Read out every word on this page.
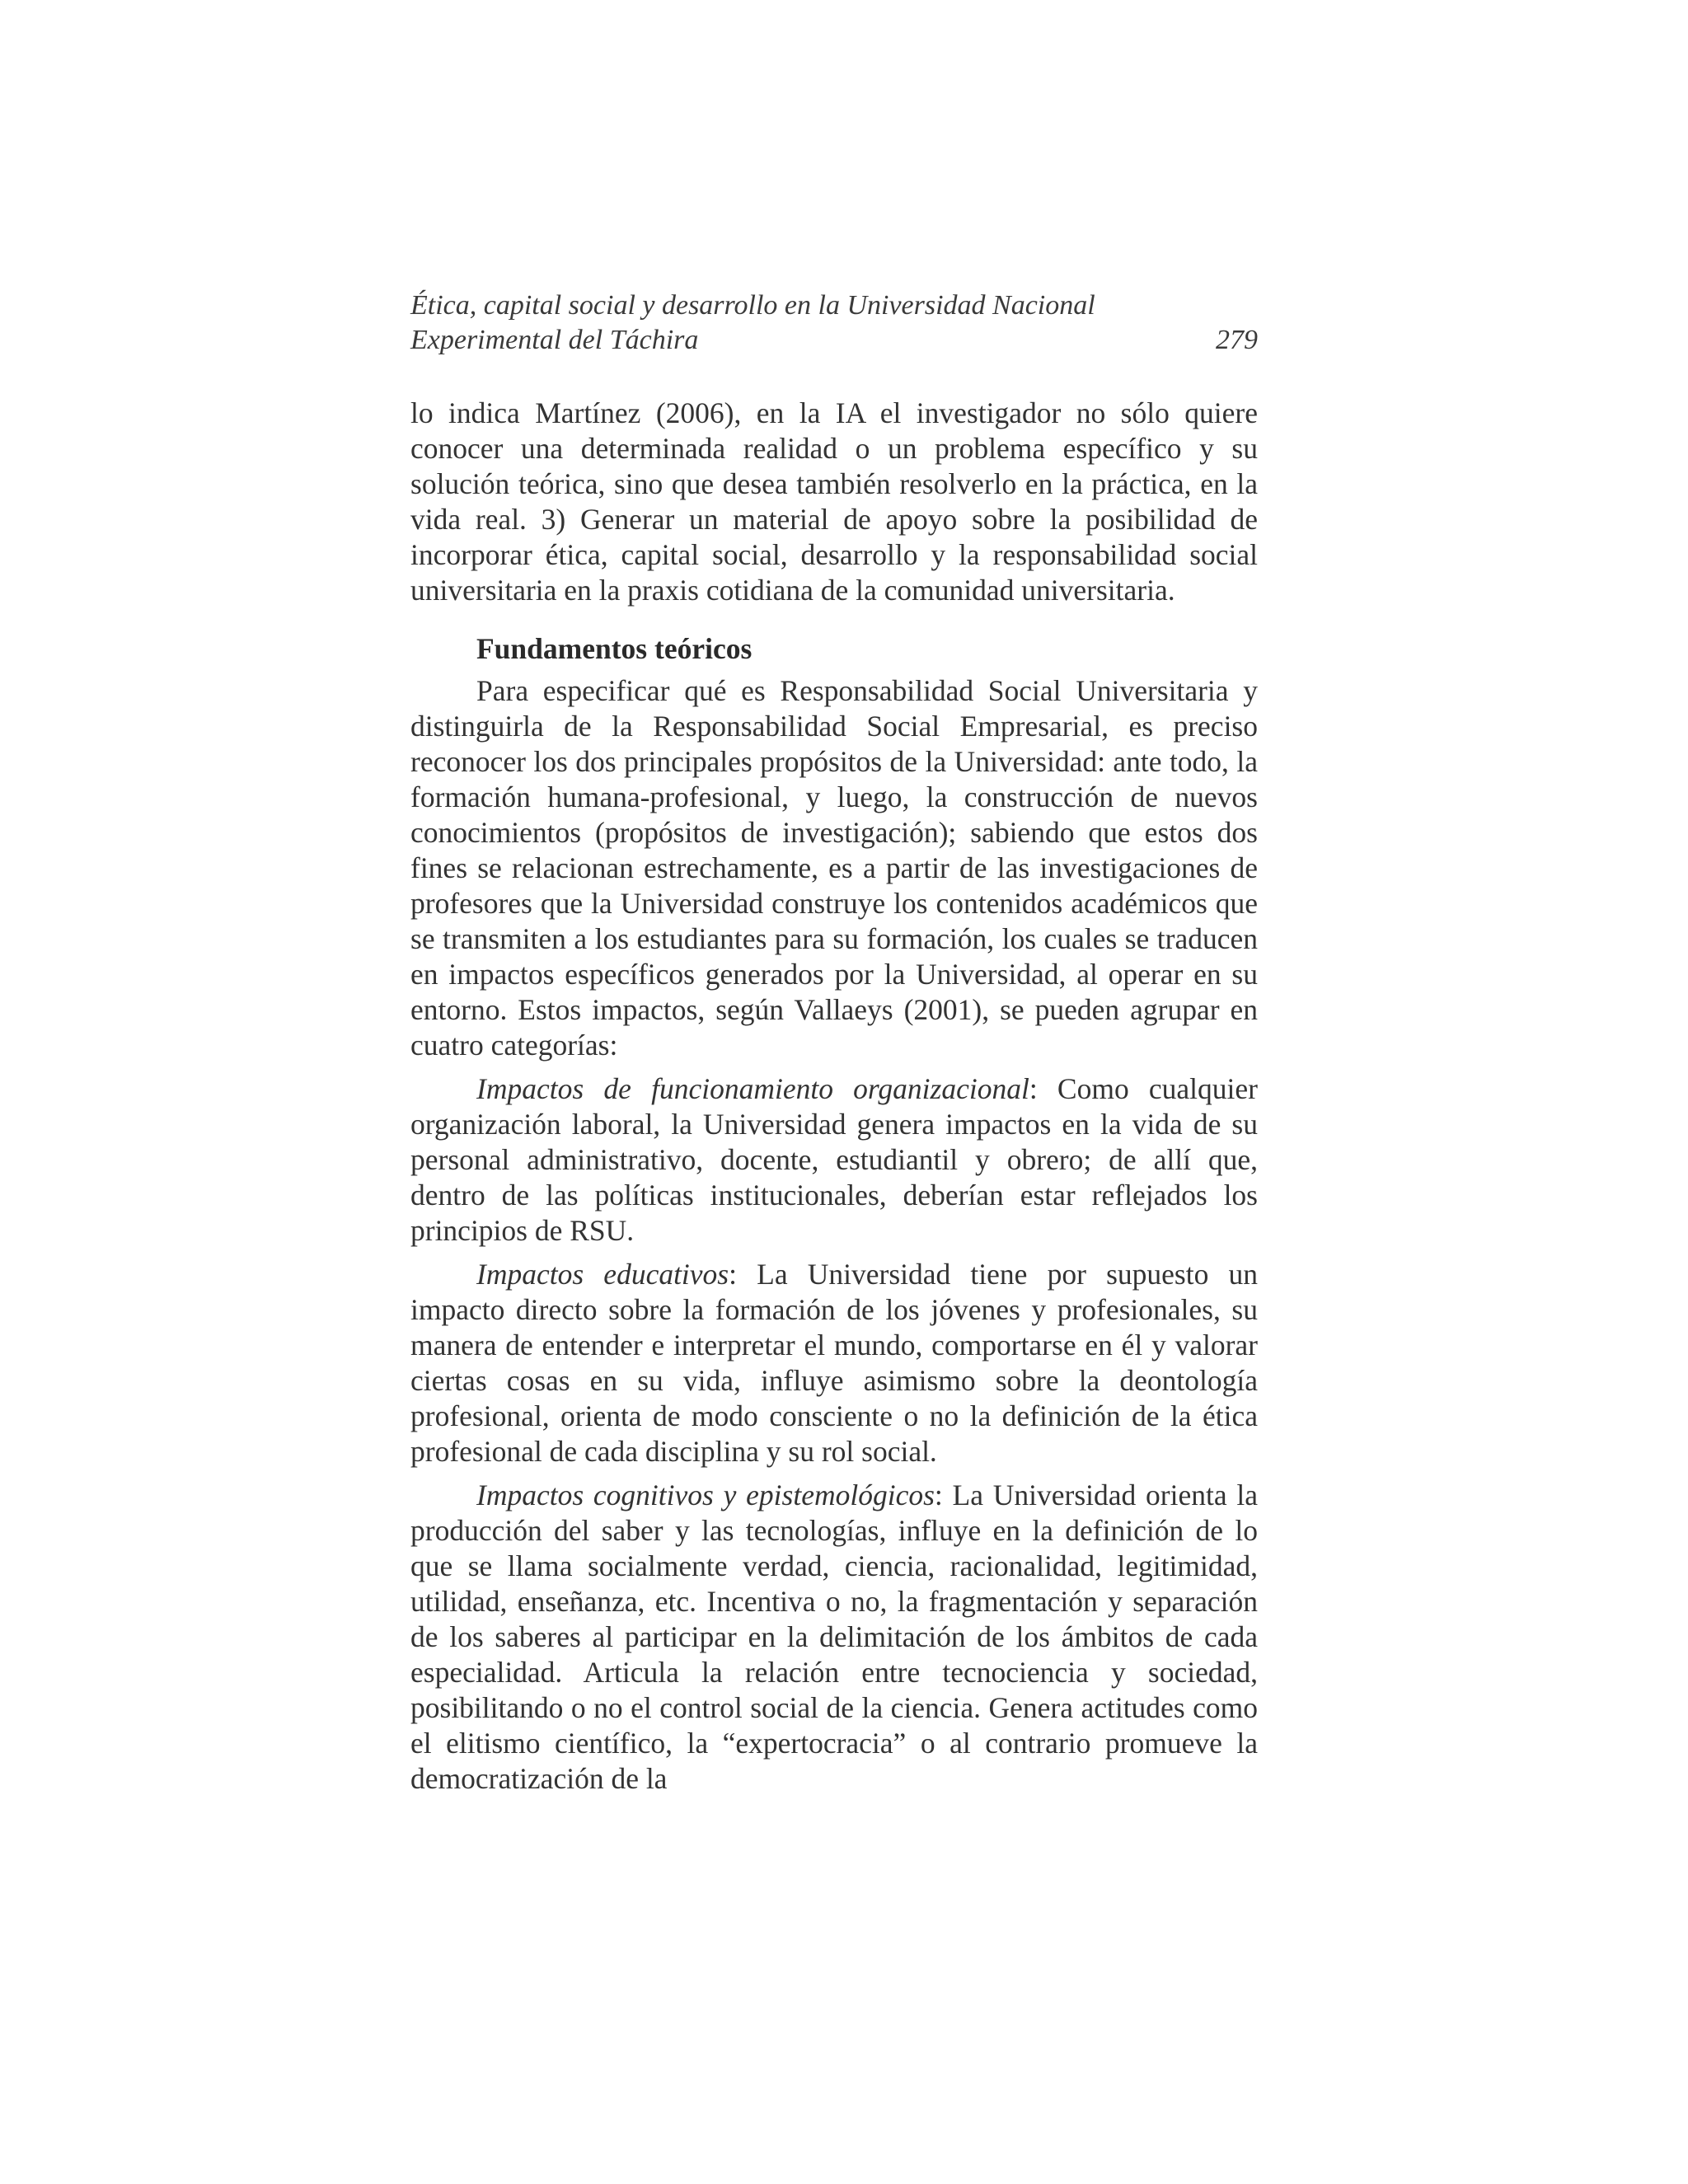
Ética, capital social y desarrollo en la Universidad Nacional
Experimental del Táchira	279

lo indica Martínez (2006), en la IA el investigador no sólo quiere conocer una determinada realidad o un problema específico y su solución teórica, sino que desea también resolverlo en la práctica, en la vida real. 3) Generar un material de apoyo sobre la posibilidad de incorporar ética, capital social, desarrollo y la responsabilidad social universitaria en la praxis cotidiana de la comunidad universitaria.

Fundamentos teóricos

Para especificar qué es Responsabilidad Social Universitaria y distinguirla de la Responsabilidad Social Empresarial, es preciso reconocer los dos principales propósitos de la Universidad: ante todo, la formación humana-profesional, y luego, la construcción de nuevos conocimientos (propósitos de investigación); sabiendo que estos dos fines se relacionan estrechamente, es a partir de las investigaciones de profesores que la Universidad construye los contenidos académicos que se transmiten a los estudiantes para su formación, los cuales se traducen en impactos específicos generados por la Universidad, al operar en su entorno. Estos impactos, según Vallaeys (2001), se pueden agrupar en cuatro categorías:

Impactos de funcionamiento organizacional: Como cualquier organización laboral, la Universidad genera impactos en la vida de su personal administrativo, docente, estudiantil y obrero; de allí que, dentro de las políticas institucionales, deberían estar reflejados los principios de RSU.

Impactos educativos: La Universidad tiene por supuesto un impacto directo sobre la formación de los jóvenes y profesionales, su manera de entender e interpretar el mundo, comportarse en él y valorar ciertas cosas en su vida, influye asimismo sobre la deontología profesional, orienta de modo consciente o no la definición de la ética profesional de cada disciplina y su rol social.

Impactos cognitivos y epistemológicos: La Universidad orienta la producción del saber y las tecnologías, influye en la definición de lo que se llama socialmente verdad, ciencia, racionalidad, legitimidad, utilidad, enseñanza, etc. Incentiva o no, la fragmentación y separación de los saberes al participar en la delimitación de los ámbitos de cada especialidad. Articula la relación entre tecnociencia y sociedad, posibilitando o no el control social de la ciencia. Genera actitudes como el elitismo científico, la “expertocracia” o al contrario promueve la democratización de la
